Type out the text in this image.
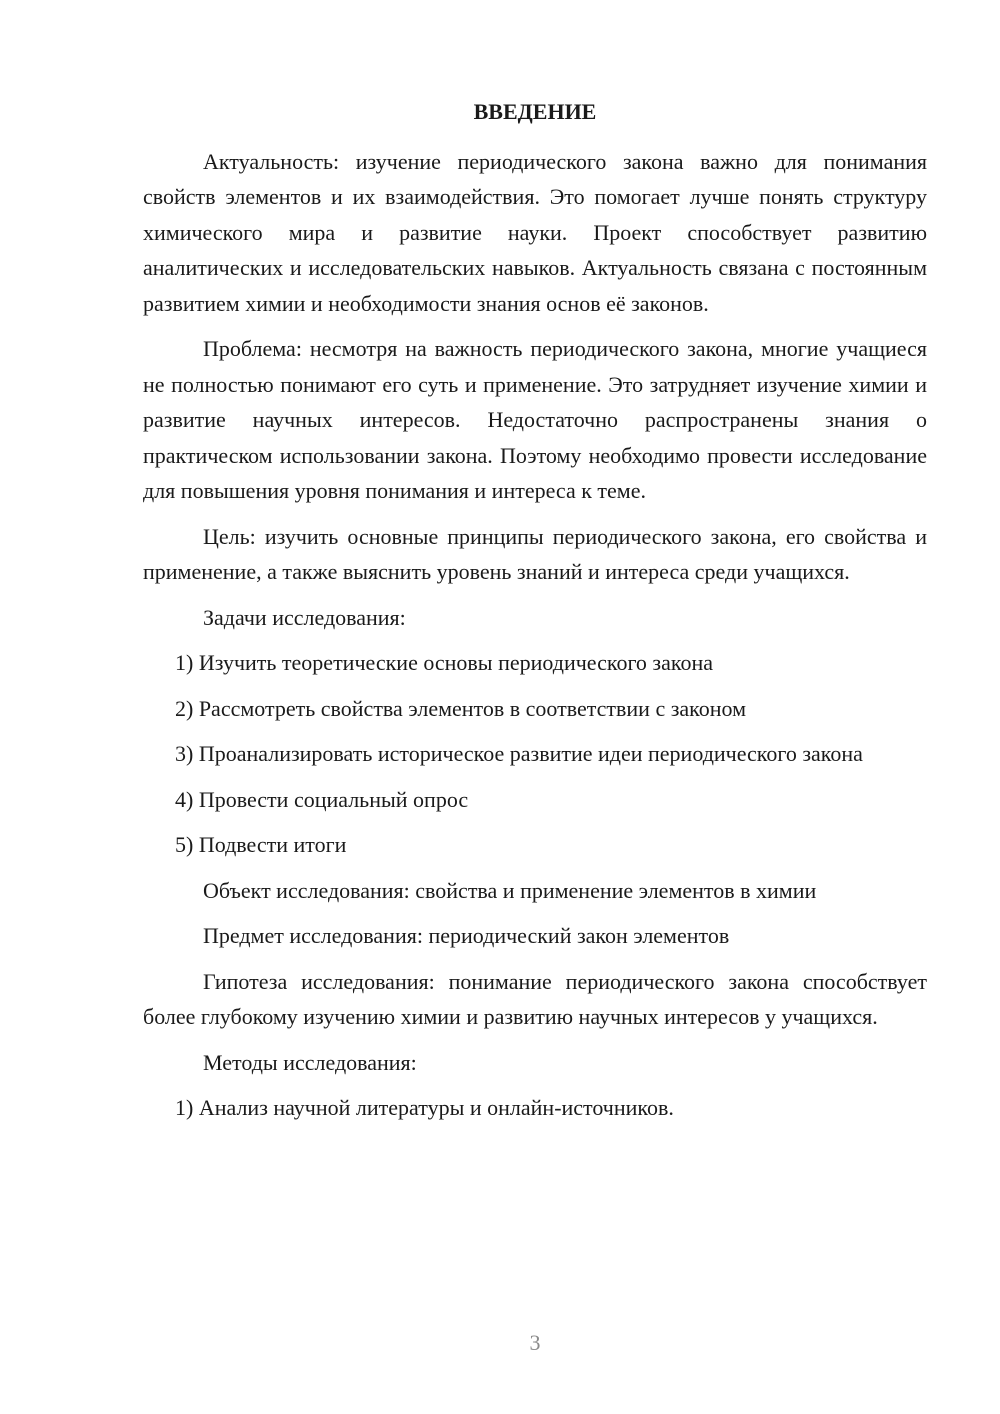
ВВЕДЕНИЕ

Актуальность: изучение периодического закона важно для понимания свойств элементов и их взаимодействия. Это помогает лучше понять структуру химического мира и развитие науки. Проект способствует развитию аналитических и исследовательских навыков. Актуальность связана с постоянным развитием химии и необходимости знания основ её законов.

Проблема: несмотря на важность периодического закона, многие учащиеся не полностью понимают его суть и применение. Это затрудняет изучение химии и развитие научных интересов. Недостаточно распространены знания о практическом использовании закона. Поэтому необходимо провести исследование для повышения уровня понимания и интереса к теме.

Цель: изучить основные принципы периодического закона, его свойства и применение, а также выяснить уровень знаний и интереса среди учащихся.

Задачи исследования:

1) Изучить теоретические основы периодического закона

2) Рассмотреть свойства элементов в соответствии с законом

3) Проанализировать историческое развитие идеи периодического закона

4) Провести социальный опрос

5) Подвести итоги

Объект исследования: свойства и применение элементов в химии

Предмет исследования: периодический закон элементов

Гипотеза исследования: понимание периодического закона способствует более глубокому изучению химии и развитию научных интересов у учащихся.

Методы исследования:

1) Анализ научной литературы и онлайн-источников.

3
